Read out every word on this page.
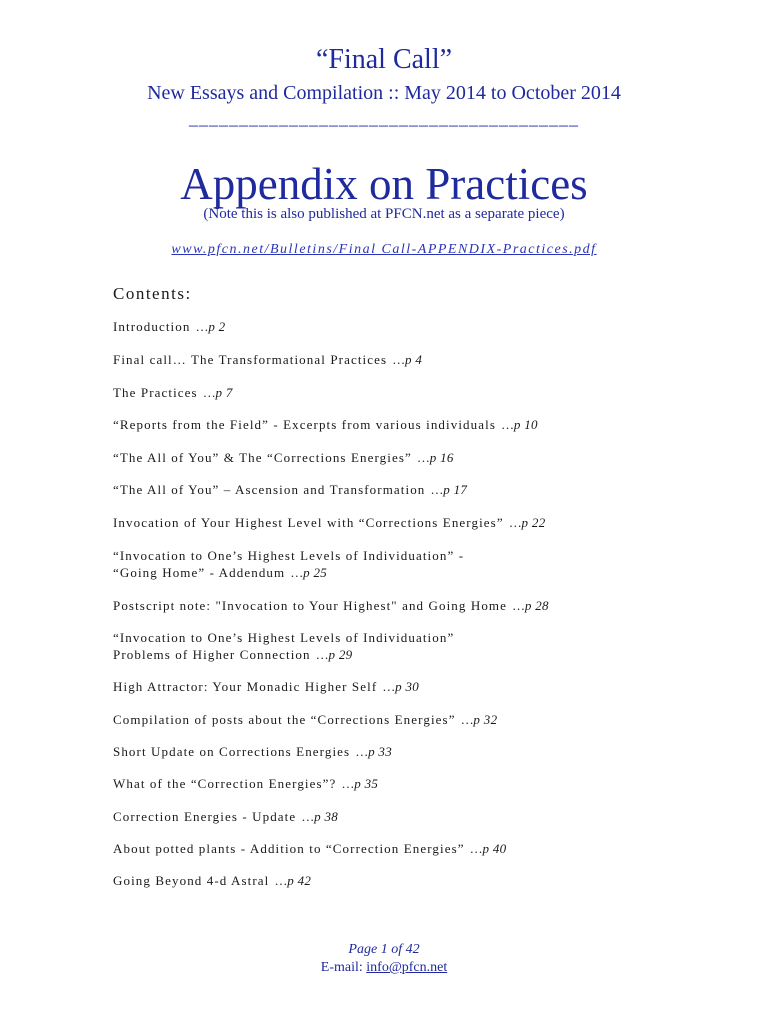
“Final Call”
New Essays and Compilation :: May 2014 to October 2014
_______________________________________
Appendix on Practices
(Note this is also published at PFCN.net as a separate piece)
www.pfcn.net/Bulletins/Final Call-APPENDIX-Practices.pdf
Contents:
Introduction …p 2
Final call… The Transformational Practices …p 4
The Practices …p 7
“Reports from the Field” - Excerpts from various individuals …p 10
“The All of You” & The “Corrections Energies” …p 16
“The All of You” – Ascension and Transformation …p 17
Invocation of Your Highest Level with “Corrections Energies” …p 22
“Invocation to One’s Highest Levels of Individuation” -
“Going Home” - Addendum …p 25
Postscript note: "Invocation to Your Highest" and Going Home …p 28
“Invocation to One’s Highest Levels of Individuation”
Problems of Higher Connection …p 29
High Attractor: Your Monadic Higher Self …p 30
Compilation of posts about the “Corrections Energies” …p 32
Short Update on Corrections Energies …p 33
What of the “Correction Energies”? …p 35
Correction Energies - Update …p 38
About potted plants - Addition to “Correction Energies” …p 40
Going Beyond 4-d Astral …p 42
Page 1 of 42
E-mail: info@pfcn.net
